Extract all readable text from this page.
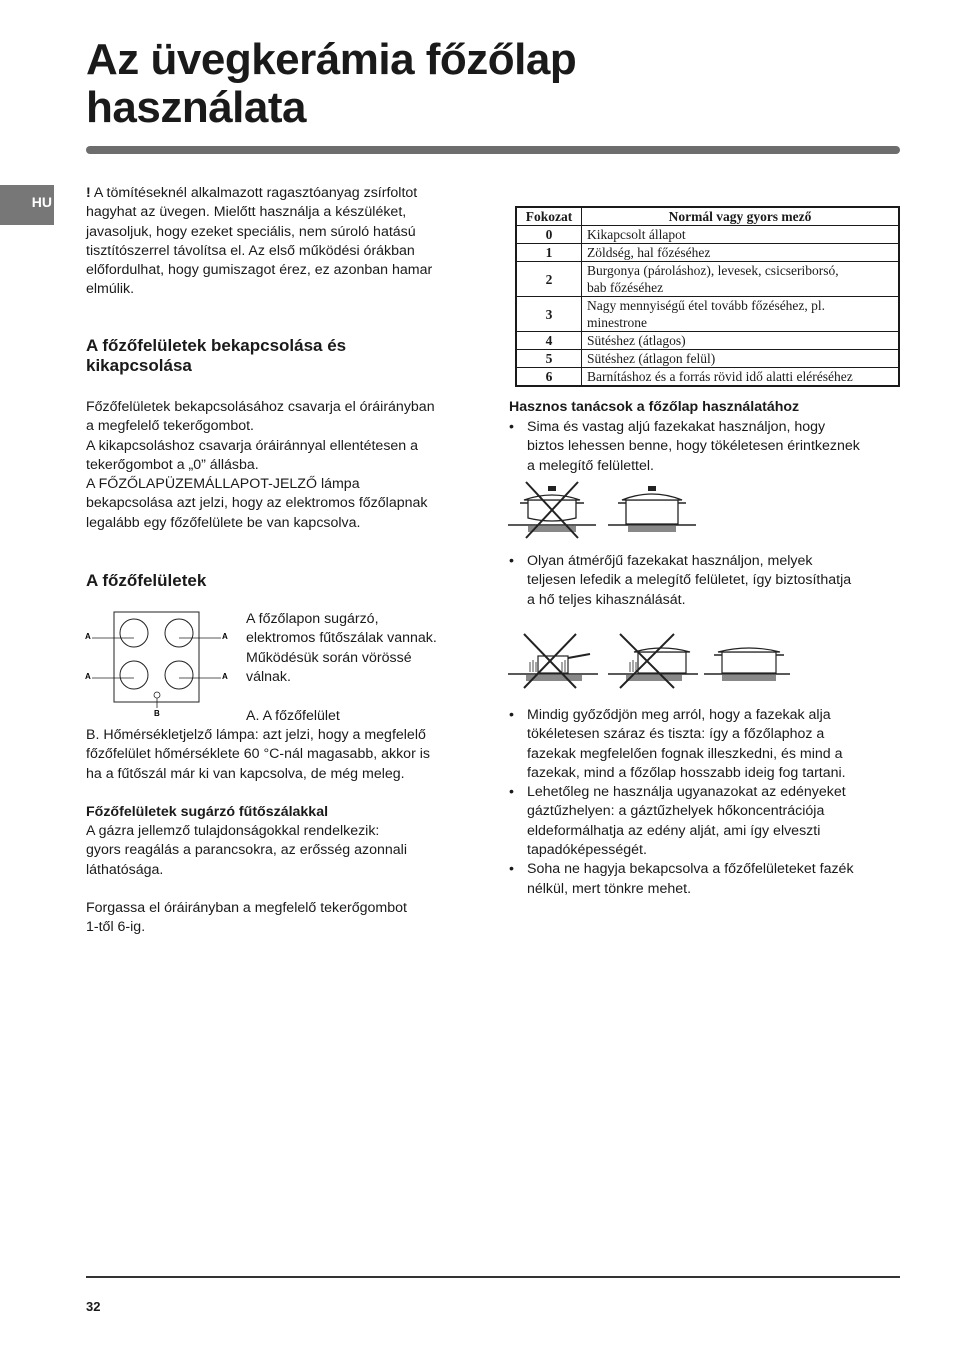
Az üvegkerámia főzőlap
használata
HU

! A tömítéseknél alkalmazott ragasztóanyag zsírfoltot
hagyhat az üvegen. Mielőtt használja a készüléket,
javasoljuk, hogy ezeket speciális, nem súroló hatású
tisztítószerrel távolítsa el. Az első működési órákban
előfordulhat, hogy gumiszagot érez, ez azonban hamar
elmúlik.

A főzőfelületek bekapcsolása és
kikapcsolása

Főzőfelületek bekapcsolásához csavarja el óráirányban
a megfelelő tekerőgombot.
A kikapcsoláshoz csavarja óráiránnyal ellentétesen a
tekerőgombot a „0” állásba.
A FŐZŐLAPÜZEMÁLLAPOT-JELZŐ lámpa
bekapcsolása azt jelzi, hogy az elektromos főzőlapnak
legalább egy főzőfelülete be van kapcsolva.

A főzőfelületek
A	A
A	A
B

A főzőlapon sugárzó,
elektromos fűtőszálak vannak.
Működésük során vörössé
válnak.

A. A főzőfelület

B. Hőmérsékletjelző lámpa: azt jelzi, hogy a megfelelő
főzőfelület hőmérséklete 60 °C-nál magasabb, akkor is
ha a fűtőszál már ki van kapcsolva, de még meleg.

Főzőfelületek sugárzó fűtőszálakkal

A gázra jellemző tulajdonságokkal rendelkezik:
gyors reagálás a parancsokra, az erősség azonnali
láthatósága.

Forgassa el óráirányban a megfelelő tekerőgombot
1-től 6-ig.

Fokozat	Normál vagy gyors mező
0	Kikapcsolt állapot
1	Zöldség, hal főzéséhez
2	Burgonya (pároláshoz), levesek, csicseriborsó,
bab főzéséhez

3	Nagy mennyiségű étel tovább főzéséhez, pl.
minestrone

4	Sütéshez (átlagos)
5	Sütéshez (átlagon felül)
6	Barnításhoz és a forrás rövid idő alatti eléréséhez
Hasznos tanácsok a főzőlap használatához
• Sima és vastag aljú fazekakat használjon, hogy
biztos lehessen benne, hogy tökéletesen érintkeznek
a melegítő felülettel.
• Olyan átmérőjű fazekakat használjon, melyek
teljesen lefedik a melegítő felületet, így biztosíthatja
a hő teljes kihasználását.
• Mindig győződjön meg arról, hogy a fazekak alja
tökéletesen száraz és tiszta: így a főzőlaphoz a
fazekak megfelelően fognak illeszkedni, és mind a
fazekak, mind a főzőlap hosszabb ideig fog tartani.
• Lehetőleg ne használja ugyanazokat az edényeket
gáztűzhelyen: a gáztűzhelyek hőkoncentrációja
eldeformálhatja az edény alját, ami így elveszti
tapadóképességét.
• Soha ne hagyja bekapcsolva a főzőfelületeket fazék
nélkül, mert tönkre mehet.
32
